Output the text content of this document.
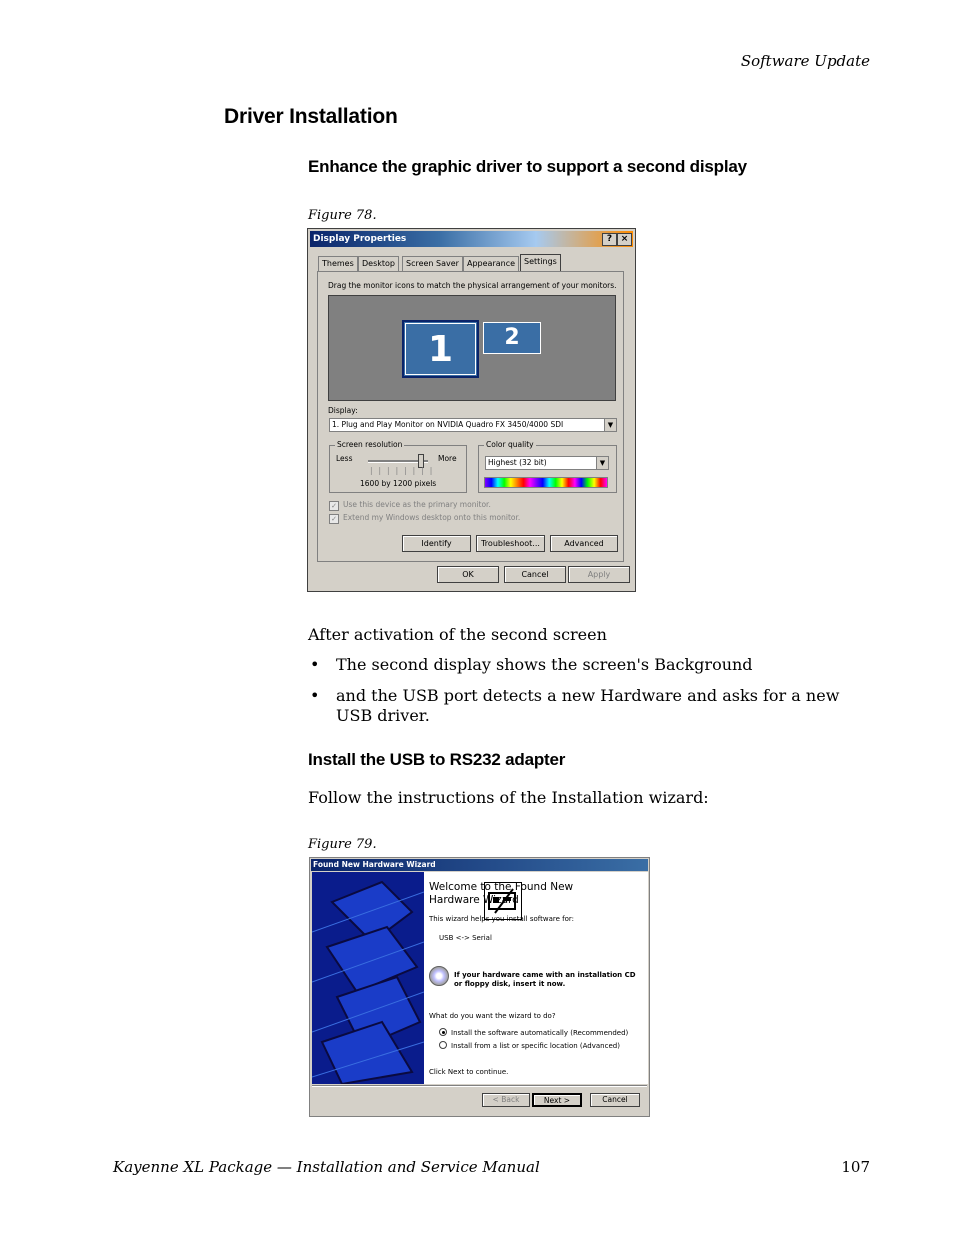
Software Update
Driver Installation
Enhance the graphic driver to support a second display
Figure 78.
Display Properties	? ×
Themes	Desktop	Screen Saver	Appearance	Settings
Drag the monitor icons to match the physical arrangement of your monitors.
1	2
Display:
1. Plug and Play Monitor on NVIDIA Quadro FX 3450/4000 SDI	▼
Screen resolution
Less	More
||||||||
1600 by 1200 pixels
Color quality
Highest (32 bit)	▼
✓ Use this device as the primary monitor.
✓ Extend my Windows desktop onto this monitor.
Identify	Troubleshoot...	Advanced
OK	Cancel	Apply
After activation of the second screen
• The second display shows the screen's Background
• and the USB port detects a new Hardware and asks for a new USB driver.
Install the USB to RS232 adapter
Follow the instructions of the Installation wizard:
Figure 79.
Found New Hardware Wizard
Welcome to the Found New
Hardware Wizard
This wizard helps you install software for:
USB <-> Serial
If your hardware came with an installation CD
or floppy disk, insert it now.
What do you want the wizard to do?
Install the software automatically (Recommended)
Install from a list or specific location (Advanced)
Click Next to continue.
< Back	Next >	Cancel
Kayenne XL Package — Installation and Service Manual	107
